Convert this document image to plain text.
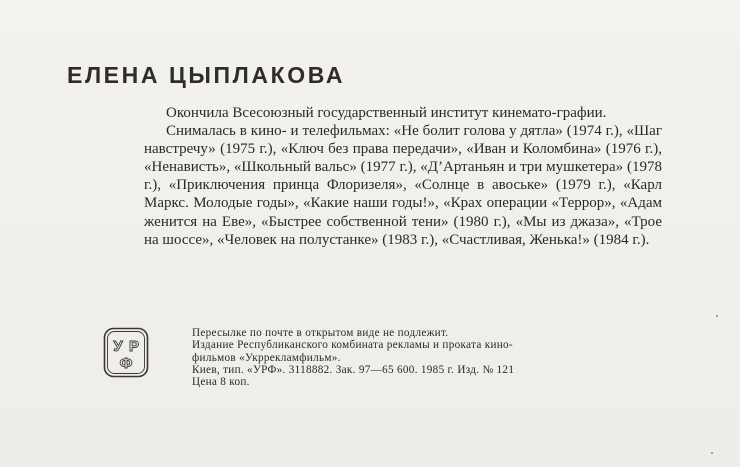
ЕЛЕНА ЦЫПЛАКОВА

Окончила Всесоюзный государственный институт кинемато-графии.

Снималась в кино- и телефильмах: «Не болит голова у дятла» (1974 г.), «Шаг навстречу» (1975 г.), «Ключ без права передачи», «Иван и Коломбина» (1976 г.), «Ненависть», «Школьный вальс» (1977 г.), «Д’Артаньян и три мушкетера» (1978 г.), «Приключения принца Флоризеля», «Солнце в авоське» (1979 г.), «Карл Маркс. Молодые годы», «Какие наши годы!», «Крах операции «Террор», «Адам женится на Еве», «Быстрее собственной тени» (1980 г.), «Мы из джаза», «Трое на шоссе», «Человек на полустанке» (1983 г.), «Счастливая, Женька!» (1984 г.).

У Р
Ф
Пересылке по почте в открытом виде не подлежит.
Издание Республиканского комбината рекламы и проката кино-
фильмов «Укррекламфильм».
Киев, тип. «УРФ». 3118882. Зак. 97—65 600. 1985 г. Изд. № 121
Цена 8 коп.
